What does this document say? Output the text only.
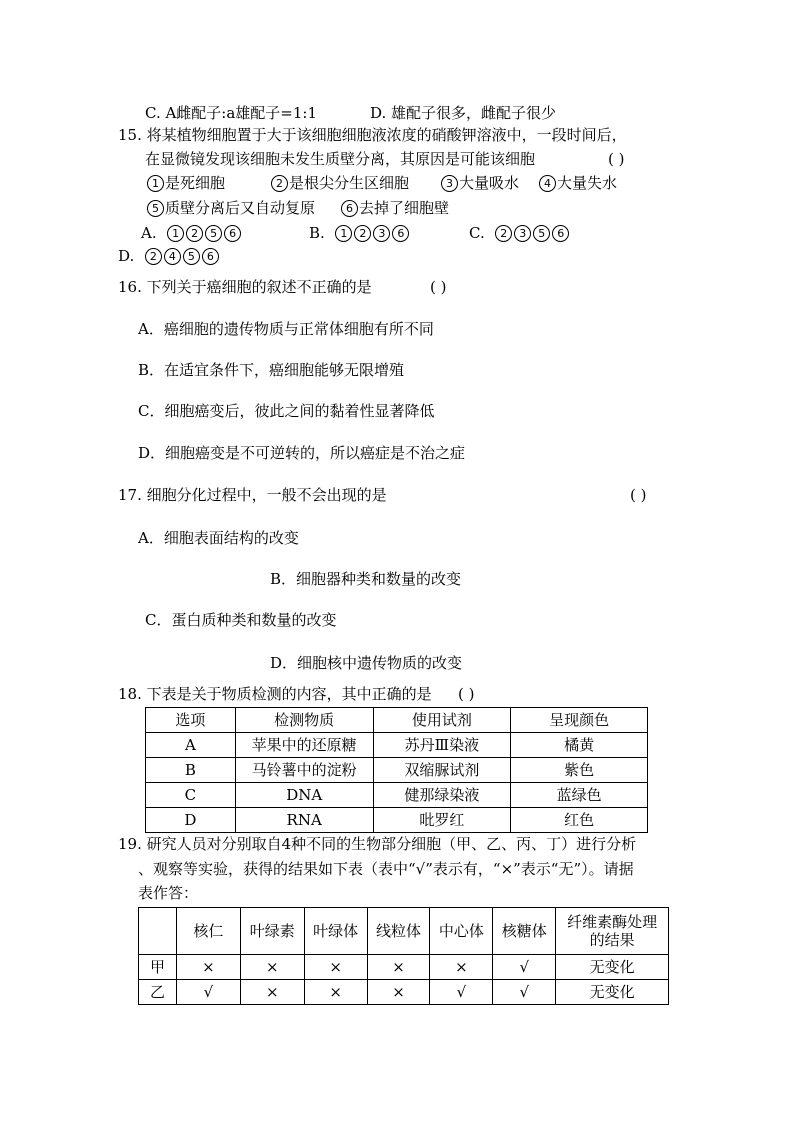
C. A雌配子:a雄配子=1:1	D. 雄配子很多，雌配子很少
15. 将某植物细胞置于大于该细胞细胞液浓度的硝酸钾溶液中，一段时间后，
在显微镜发现该细胞未发生质壁分离，其原因是可能该细胞	( )
1 是死细胞	2 是根尖分生区细胞	3 大量吸水	4 大量失水
5 质壁分离后又自动复原	6 去掉了细胞壁
A. 1 2 5 6	B. 1 2 3 6	C. 2 3 5 6
D. 2 4 5 6
16. 下列关于癌细胞的叙述不正确的是	( )
A．癌细胞的遗传物质与正常体细胞有所不同
B．在适宜条件下，癌细胞能够无限增殖
C．细胞癌变后，彼此之间的黏着性显著降低
D．细胞癌变是不可逆转的，所以癌症是不治之症
17. 细胞分化过程中，一般不会出现的是	( )
A．细胞表面结构的改变
B．细胞器种类和数量的改变
C．蛋白质种类和数量的改变
D．细胞核中遗传物质的改变
18. 下表是关于物质检测的内容，其中正确的是 ( )
选项	检测物质	使用试剂	呈现颜色
A	苹果中的还原糖	苏丹Ⅲ染液	橘黄
B	马铃薯中的淀粉	双缩脲试剂	紫色
C	DNA	健那绿染液	蓝绿色
D	RNA	吡罗红	红色
19. 研究人员对分别取自4种不同的生物部分细胞（甲、乙、丙、丁）进行分析
、观察等实验，获得的结果如下表（表中“√”表示有，“×”表示“无”）。请据
表作答：
	核仁	叶绿素	叶绿体	线粒体	中心体	核糖体	纤维素酶处理的结果
甲	×	×	×	×	×	√	无变化
乙	√	×	×	×	√	√	无变化
